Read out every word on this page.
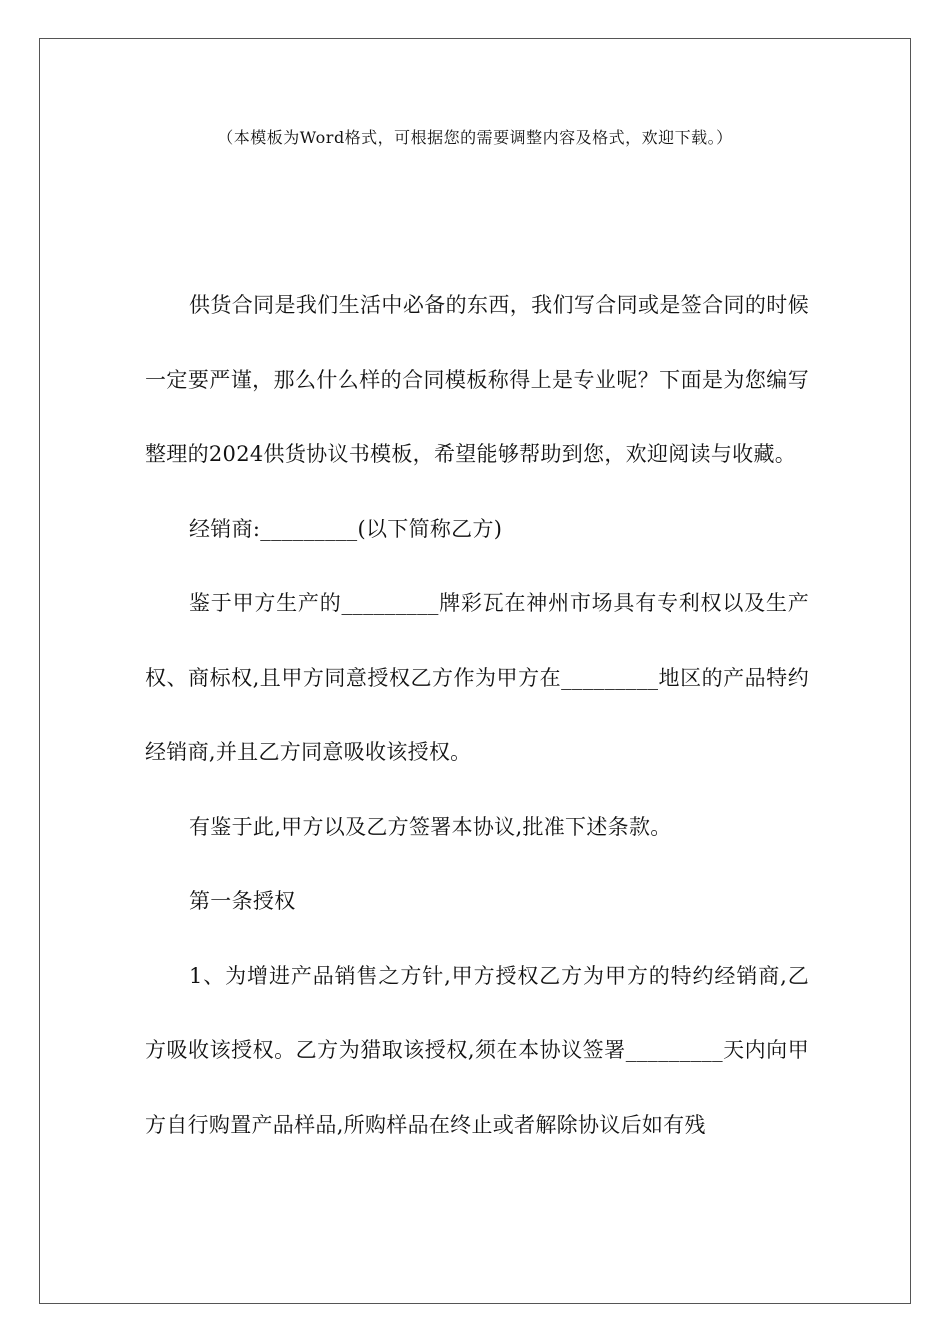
（本模板为Word格式，可根据您的需要调整内容及格式，欢迎下载。）

供货合同是我们生活中必备的东西，我们写合同或是签合同的时候一定要严谨，那么什么样的合同模板称得上是专业呢？下面是为您编写整理的2024供货协议书模板，希望能够帮助到您，欢迎阅读与收藏。

经销商:_________(以下简称乙方)

鉴于甲方生产的_________牌彩瓦在神州市场具有专利权以及生产权、商标权,且甲方同意授权乙方作为甲方在_________地区的产品特约经销商,并且乙方同意吸收该授权。

有鉴于此,甲方以及乙方签署本协议,批准下述条款。

第一条授权

1、为增进产品销售之方针,甲方授权乙方为甲方的特约经销商,乙方吸收该授权。乙方为猎取该授权,须在本协议签署_________天内向甲方自行购置产品样品,所购样品在终止或者解除协议后如有残
